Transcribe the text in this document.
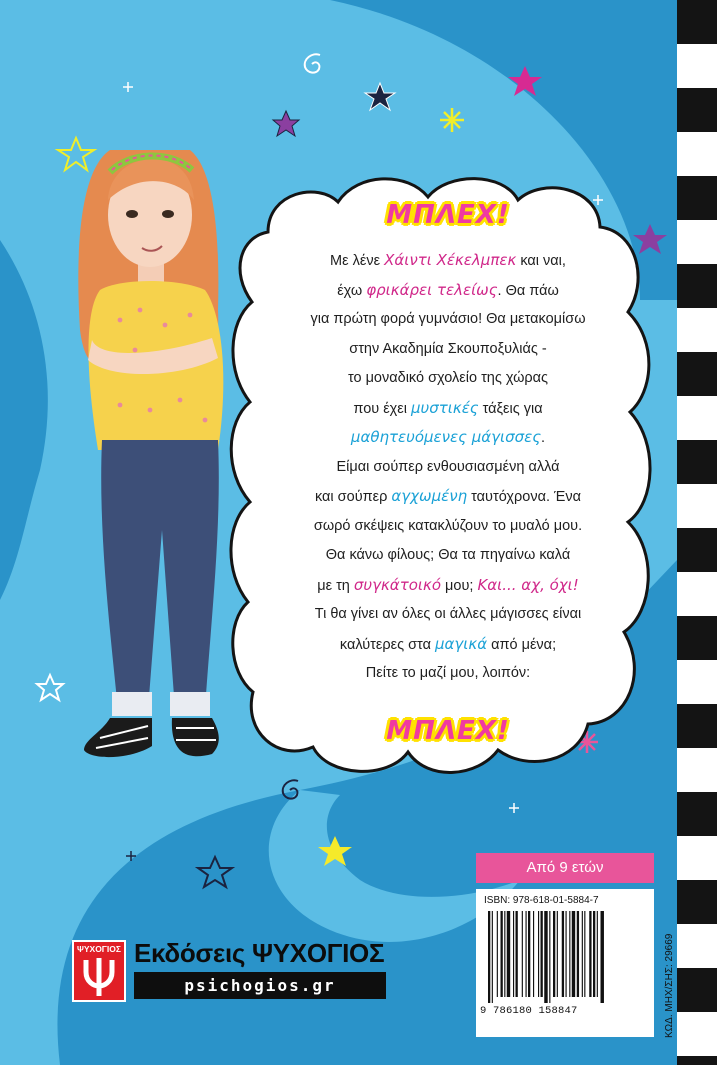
ΜΠΛΕΧ!
Με λένε Χάιντι Χέκελμπεκ και ναι,
έχω φρικάρει τελείως. Θα πάω
για πρώτη φορά γυμνάσιο! Θα μετακομίσω
στην Ακαδημία Σκουποξυλιάς -
το μοναδικό σχολείο της χώρας
που έχει μυστικές τάξεις για
μαθητευόμενες μάγισσες.
Είμαι σούπερ ενθουσιασμένη αλλά
και σούπερ αγχωμένη ταυτόχρονα. Ένα
σωρό σκέψεις κατακλύζουν το μυαλό μου.
Θα κάνω φίλους; Θα τα πηγαίνω καλά
με τη συγκάτοικό μου; Και... αχ, όχι!
Τι θα γίνει αν όλες οι άλλες μάγισσες είναι
καλύτερες στα μαγικά από μένα;
Πείτε το μαζί μου, λοιπόν:
ΜΠΛΕΧ!
Από 9 ετών
ISBN: 978-618-01-5884-7
9 786180 158847	ΚΩΔ. ΜΗΧ/ΣΗΣ: 29669
ΨΥΧΟΓΙΟΣ Εκδόσεις ΨΥΧΟΓΙΟΣ
psichogios.gr
